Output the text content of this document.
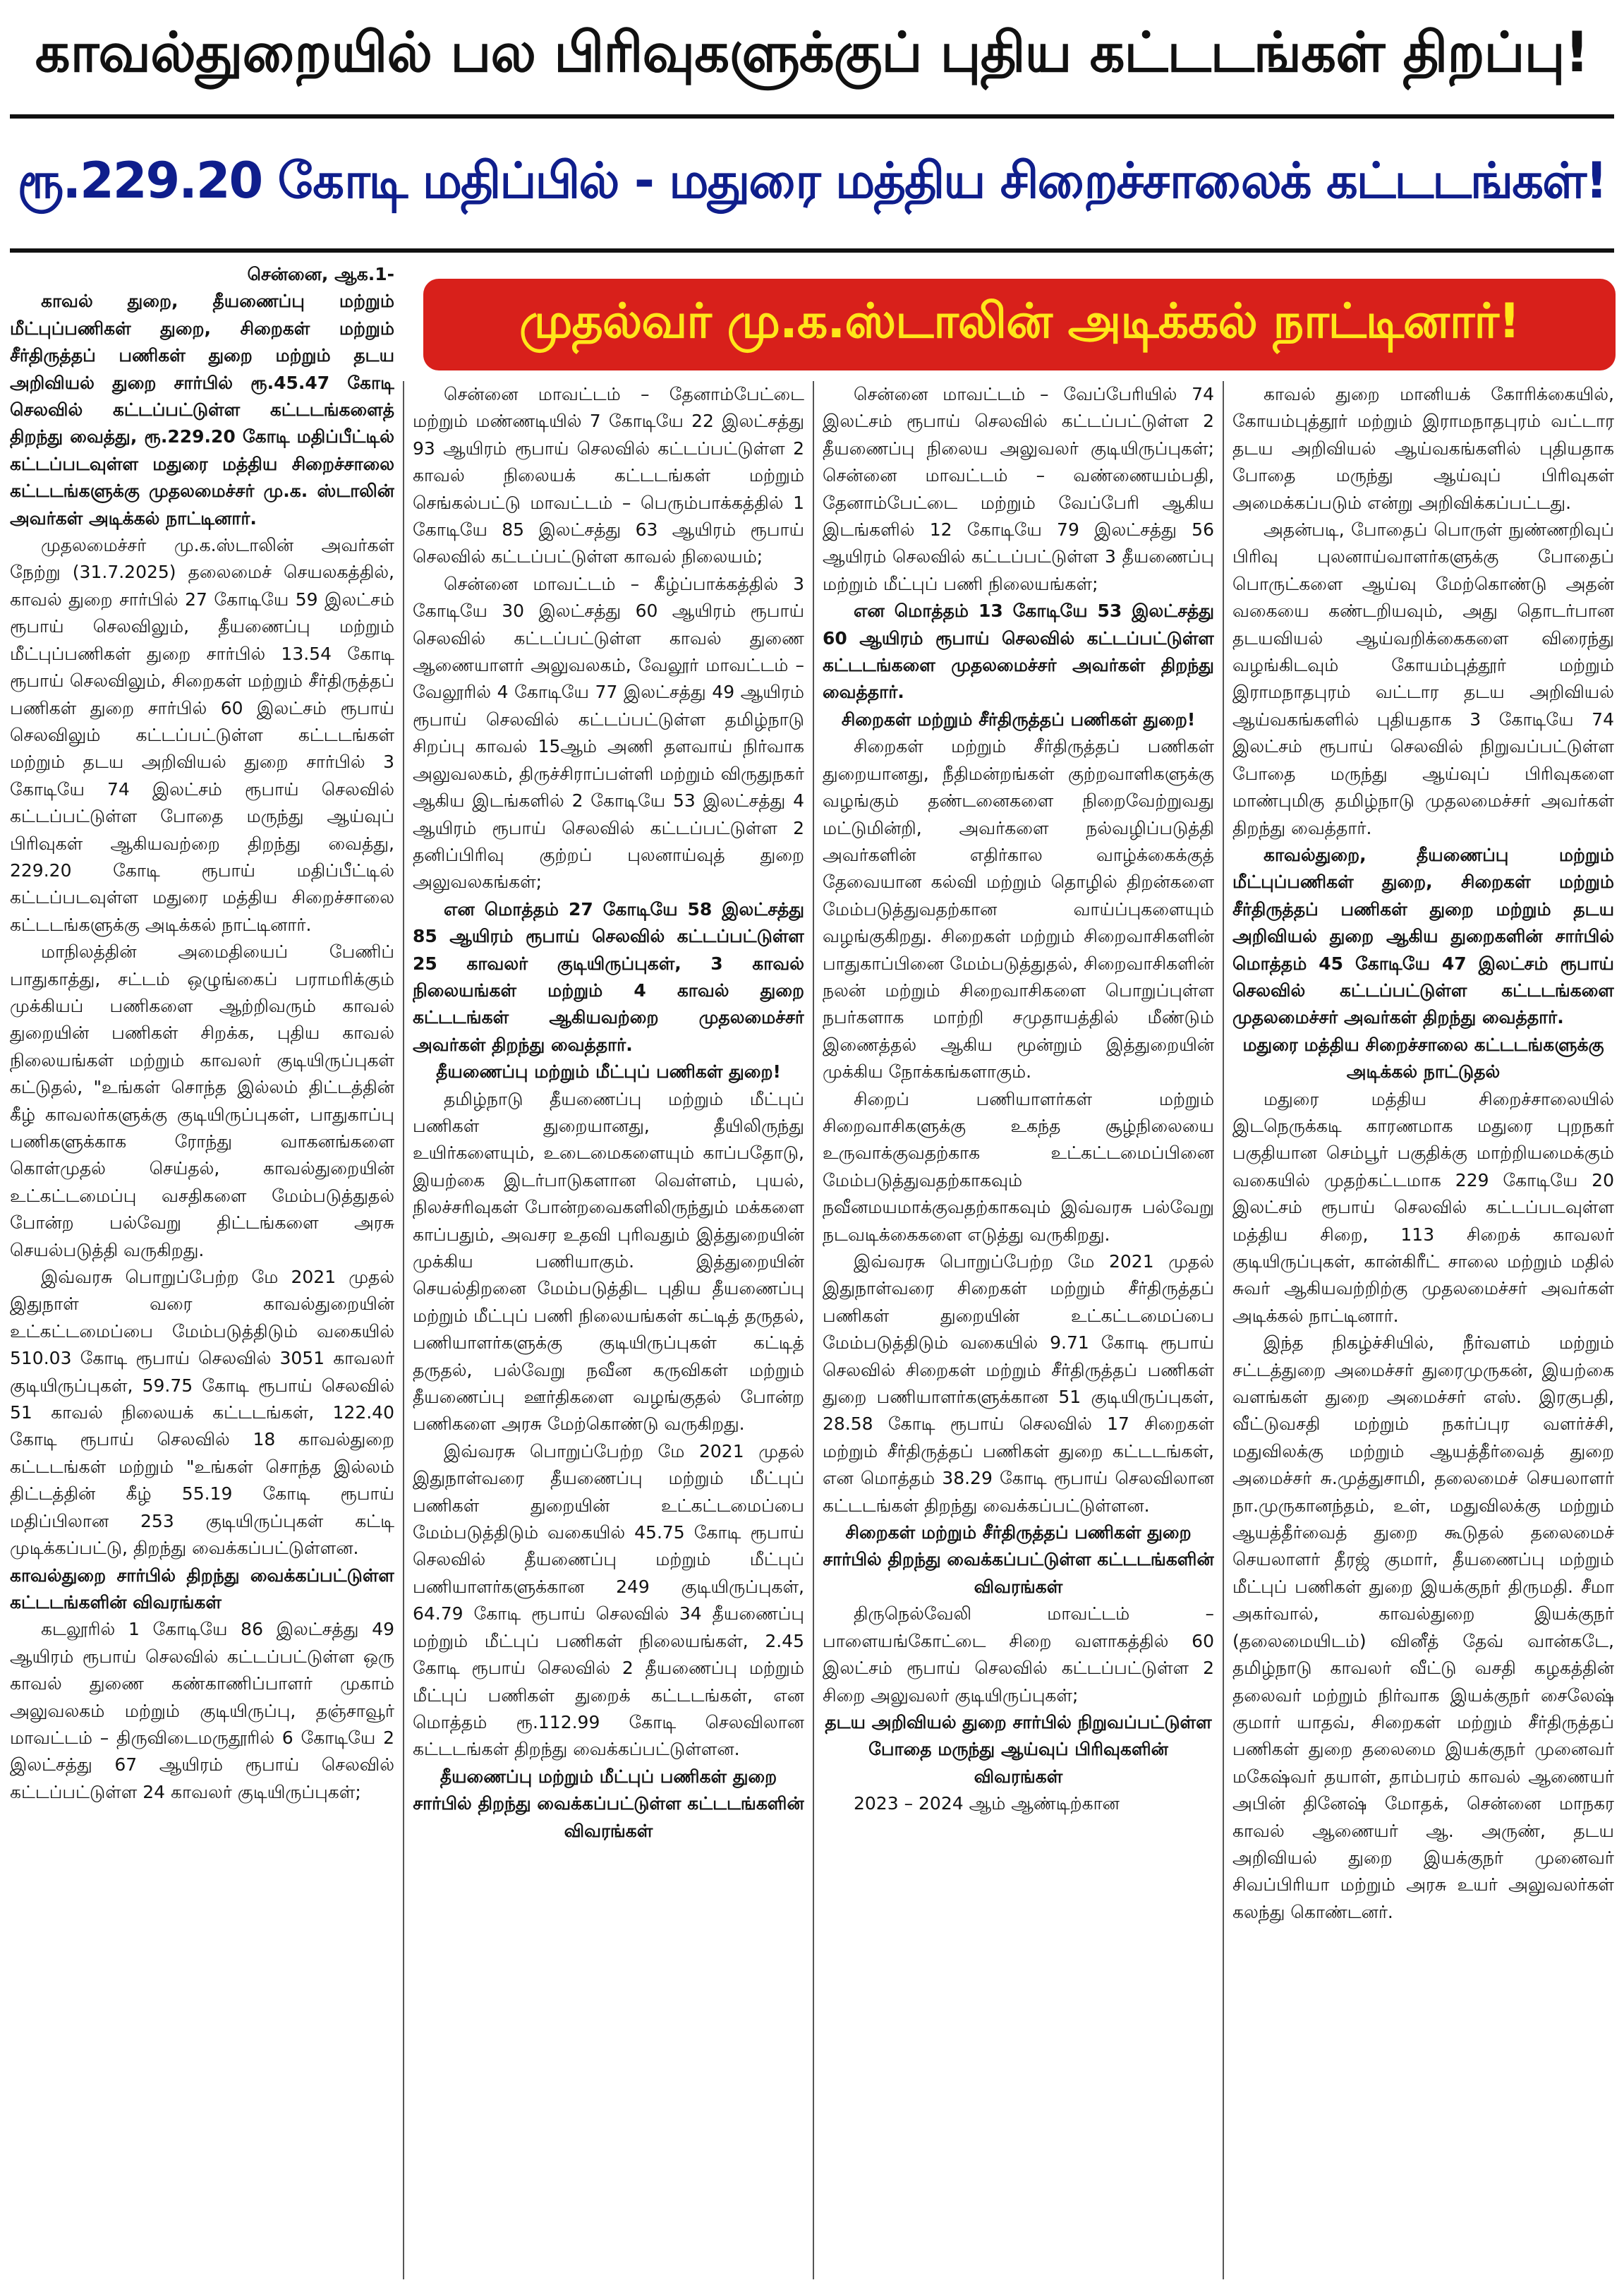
காவல்துறையில் பல பிரிவுகளுக்குப் புதிய கட்டடங்கள் திறப்பு!
ரூ.229.20 கோடி மதிப்பில் - மதுரை மத்திய சிறைச்சாலைக் கட்டடங்கள்!
முதல்வர் மு.க.ஸ்டாலின் அடிக்கல் நாட்டினார்!

சென்னை, ஆக.1-

காவல் துறை, தீயணைப்பு மற்றும் மீட்புப்பணிகள் துறை, சிறைகள் மற்றும் சீர்திருத்தப் பணிகள் துறை மற்றும் தடய அறிவியல் துறை சார்பில் ரூ.45.47 கோடி செலவில் கட்டப்பட்டுள்ள கட்டடங்களைத் திறந்து வைத்து, ரூ.229.20 கோடி மதிப்பீட்டில் கட்டப்படவுள்ள மதுரை மத்திய சிறைச்சாலை கட்டடங்களுக்கு முதலமைச்சர் மு.க. ஸ்டாலின் அவர்கள் அடிக்கல் நாட்டினார்.

முதலமைச்சர் மு.க.ஸ்டாலின் அவர்கள் நேற்று (31.7.2025) தலைமைச் செயலகத்தில், காவல் துறை சார்பில் 27 கோடியே 59 இலட்சம் ரூபாய் செலவிலும், தீயணைப்பு மற்றும் மீட்புப்பணிகள் துறை சார்பில் 13.54 கோடி ரூபாய் செலவிலும், சிறைகள் மற்றும் சீர்திருத்தப் பணிகள் துறை சார்பில் 60 இலட்சம் ரூபாய் செலவிலும் கட்டப்பட்டுள்ள கட்டடங்கள் மற்றும் தடய அறிவியல் துறை சார்பில் 3 கோடியே 74 இலட்சம் ரூபாய் செலவில் கட்டப்பட்டுள்ள போதை மருந்து ஆய்வுப் பிரிவுகள் ஆகியவற்றை திறந்து வைத்து, 229.20 கோடி ரூபாய் மதிப்பீட்டில் கட்டப்படவுள்ள மதுரை மத்திய சிறைச்சாலை கட்டடங்களுக்கு அடிக்கல் நாட்டினார்.

மாநிலத்தின் அமைதியைப் பேணிப் பாதுகாத்து, சட்டம் ஒழுங்கைப் பராமரிக்கும் முக்கியப் பணிகளை ஆற்றிவரும் காவல் துறையின் பணிகள் சிறக்க, புதிய காவல் நிலையங்கள் மற்றும் காவலர் குடியிருப்புகள் கட்டுதல், "உங்கள் சொந்த இல்லம் திட்டத்தின் கீழ் காவலர்களுக்கு குடியிருப்புகள், பாதுகாப்பு பணிகளுக்காக ரோந்து வாகனங்களை கொள்முதல் செய்தல், காவல்துறையின் உட்கட்டமைப்பு வசதிகளை மேம்படுத்துதல் போன்ற பல்வேறு திட்டங்களை அரசு செயல்படுத்தி வருகிறது.

இவ்வரசு பொறுப்பேற்ற மே 2021 முதல் இதுநாள் வரை காவல்துறையின் உட்கட்டமைப்பை மேம்படுத்திடும் வகையில் 510.03 கோடி ரூபாய் செலவில் 3051 காவலர் குடியிருப்புகள், 59.75 கோடி ரூபாய் செலவில் 51 காவல் நிலையக் கட்டடங்கள், 122.40 கோடி ரூபாய் செலவில் 18 காவல்துறை கட்டடங்கள் மற்றும் "உங்கள் சொந்த இல்லம் திட்டத்தின் கீழ் 55.19 கோடி ரூபாய் மதிப்பிலான 253 குடியிருப்புகள் கட்டி முடிக்கப்பட்டு, திறந்து வைக்கப்பட்டுள்ளன.

காவல்துறை சார்பில் திறந்து வைக்கப்பட்டுள்ள கட்டடங்களின் விவரங்கள்

கடலூரில் 1 கோடியே 86 இலட்சத்து 49 ஆயிரம் ரூபாய் செலவில் கட்டப்பட்டுள்ள ஒரு காவல் துணை கண்காணிப்பாளர் முகாம் அலுவலகம் மற்றும் குடியிருப்பு, தஞ்சாவூர் மாவட்டம் – திருவிடைமருதூரில் 6 கோடியே 2 இலட்சத்து 67 ஆயிரம் ரூபாய் செலவில் கட்டப்பட்டுள்ள 24 காவலர் குடியிருப்புகள்;

சென்னை மாவட்டம் – தேனாம்பேட்டை மற்றும் மண்ணடியில் 7 கோடியே 22 இலட்சத்து 93 ஆயிரம் ரூபாய் செலவில் கட்டப்பட்டுள்ள 2 காவல் நிலையக் கட்டடங்கள் மற்றும் செங்கல்பட்டு மாவட்டம் – பெரும்பாக்கத்தில் 1 கோடியே 85 இலட்சத்து 63 ஆயிரம் ரூபாய் செலவில் கட்டப்பட்டுள்ள காவல் நிலையம்;

சென்னை மாவட்டம் – கீழ்ப்பாக்கத்தில் 3 கோடியே 30 இலட்சத்து 60 ஆயிரம் ரூபாய் செலவில் கட்டப்பட்டுள்ள காவல் துணை ஆணையாளர் அலுவலகம், வேலூர் மாவட்டம் – வேலூரில் 4 கோடியே 77 இலட்சத்து 49 ஆயிரம் ரூபாய் செலவில் கட்டப்பட்டுள்ள தமிழ்நாடு சிறப்பு காவல் 15ஆம் அணி தளவாய் நிர்வாக அலுவலகம், திருச்சிராப்பள்ளி மற்றும் விருதுநகர் ஆகிய இடங்களில் 2 கோடியே 53 இலட்சத்து 4 ஆயிரம் ரூபாய் செலவில் கட்டப்பட்டுள்ள 2 தனிப்பிரிவு குற்றப் புலனாய்வுத் துறை அலுவலகங்கள்;

என மொத்தம் 27 கோடியே 58 இலட்சத்து 85 ஆயிரம் ரூபாய் செலவில் கட்டப்பட்டுள்ள 25 காவலர் குடியிருப்புகள், 3 காவல் நிலையங்கள் மற்றும் 4 காவல் துறை கட்டடங்கள் ஆகியவற்றை முதலமைச்சர் அவர்கள் திறந்து வைத்தார்.

தீயணைப்பு மற்றும் மீட்புப் பணிகள் துறை!

தமிழ்நாடு தீயணைப்பு மற்றும் மீட்புப் பணிகள் துறையானது, தீயிலிருந்து உயிர்களையும், உடைமைகளையும் காப்பதோடு, இயற்கை இடர்பாடுகளான வெள்ளம், புயல், நிலச்சரிவுகள் போன்றவைகளிலிருந்தும் மக்களை காப்பதும், அவசர உதவி புரிவதும் இத்துறையின் முக்கிய பணியாகும். இத்துறையின் செயல்திறனை மேம்படுத்திட புதிய தீயணைப்பு மற்றும் மீட்புப் பணி நிலையங்கள் கட்டித் தருதல், பணியாளர்களுக்கு குடியிருப்புகள் கட்டித் தருதல், பல்வேறு நவீன கருவிகள் மற்றும் தீயணைப்பு ஊர்திகளை வழங்குதல் போன்ற பணிகளை அரசு மேற்கொண்டு வருகிறது.

இவ்வரசு பொறுப்பேற்ற மே 2021 முதல் இதுநாள்வரை தீயணைப்பு மற்றும் மீட்புப் பணிகள் துறையின் உட்கட்டமைப்பை மேம்படுத்திடும் வகையில் 45.75 கோடி ரூபாய் செலவில் தீயணைப்பு மற்றும் மீட்புப் பணியாளர்களுக்கான 249 குடியிருப்புகள், 64.79 கோடி ரூபாய் செலவில் 34 தீயணைப்பு மற்றும் மீட்புப் பணிகள் நிலையங்கள், 2.45 கோடி ரூபாய் செலவில் 2 தீயணைப்பு மற்றும் மீட்புப் பணிகள் துறைக் கட்டடங்கள், என மொத்தம் ரூ.112.99 கோடி செலவிலான கட்டடங்கள் திறந்து வைக்கப்பட்டுள்ளன.

தீயணைப்பு மற்றும் மீட்புப் பணிகள் துறை சார்பில் திறந்து வைக்கப்பட்டுள்ள கட்டடங்களின் விவரங்கள்

சென்னை மாவட்டம் – வேப்பேரியில் 74 இலட்சம் ரூபாய் செலவில் கட்டப்பட்டுள்ள 2 தீயணைப்பு நிலைய அலுவலர் குடியிருப்புகள்; சென்னை மாவட்டம் – வண்ணையம்பதி, தேனாம்பேட்டை மற்றும் வேப்பேரி ஆகிய இடங்களில் 12 கோடியே 79 இலட்சத்து 56 ஆயிரம் செலவில் கட்டப்பட்டுள்ள 3 தீயணைப்பு மற்றும் மீட்புப் பணி நிலையங்கள்;

என மொத்தம் 13 கோடியே 53 இலட்சத்து 60 ஆயிரம் ரூபாய் செலவில் கட்டப்பட்டுள்ள கட்டடங்களை முதலமைச்சர் அவர்கள் திறந்து வைத்தார்.

சிறைகள் மற்றும் சீர்திருத்தப் பணிகள் துறை!

சிறைகள் மற்றும் சீர்திருத்தப் பணிகள் துறையானது, நீதிமன்றங்கள் குற்றவாளிகளுக்கு வழங்கும் தண்டனைகளை நிறைவேற்றுவது மட்டுமின்றி, அவர்களை நல்வழிப்படுத்தி அவர்களின் எதிர்கால வாழ்க்கைக்குத் தேவையான கல்வி மற்றும் தொழில் திறன்களை மேம்படுத்துவதற்கான வாய்ப்புகளையும் வழங்குகிறது. சிறைகள் மற்றும் சிறைவாசிகளின் பாதுகாப்பினை மேம்படுத்துதல், சிறைவாசிகளின் நலன் மற்றும் சிறைவாசிகளை பொறுப்புள்ள நபர்களாக மாற்றி சமுதாயத்தில் மீண்டும் இணைத்தல் ஆகிய மூன்றும் இத்துறையின் முக்கிய நோக்கங்களாகும்.

சிறைப் பணியாளர்கள் மற்றும் சிறைவாசிகளுக்கு உகந்த சூழ்நிலையை உருவாக்குவதற்காக உட்கட்டமைப்பினை மேம்படுத்துவதற்காகவும் நவீனமயமாக்குவதற்காகவும் இவ்வரசு பல்வேறு நடவடிக்கைகளை எடுத்து வருகிறது.

இவ்வரசு பொறுப்பேற்ற மே 2021 முதல் இதுநாள்வரை சிறைகள் மற்றும் சீர்திருத்தப் பணிகள் துறையின் உட்கட்டமைப்பை மேம்படுத்திடும் வகையில் 9.71 கோடி ரூபாய் செலவில் சிறைகள் மற்றும் சீர்திருத்தப் பணிகள் துறை பணியாளர்களுக்கான 51 குடியிருப்புகள், 28.58 கோடி ரூபாய் செலவில் 17 சிறைகள் மற்றும் சீர்திருத்தப் பணிகள் துறை கட்டடங்கள், என மொத்தம் 38.29 கோடி ரூபாய் செலவிலான கட்டடங்கள் திறந்து வைக்கப்பட்டுள்ளன.

சிறைகள் மற்றும் சீர்திருத்தப் பணிகள் துறை சார்பில் திறந்து வைக்கப்பட்டுள்ள கட்டடங்களின் விவரங்கள்

திருநெல்வேலி மாவட்டம் – பாளையங்கோட்டை சிறை வளாகத்தில் 60 இலட்சம் ரூபாய் செலவில் கட்டப்பட்டுள்ள 2 சிறை அலுவலர் குடியிருப்புகள்;

தடய அறிவியல் துறை சார்பில் நிறுவப்பட்டுள்ள போதை மருந்து ஆய்வுப் பிரிவுகளின் விவரங்கள்

2023 – 2024 ஆம் ஆண்டிற்கான

காவல் துறை மானியக் கோரிக்கையில், கோயம்புத்தூர் மற்றும் இராமநாதபுரம் வட்டார தடய அறிவியல் ஆய்வகங்களில் புதியதாக போதை மருந்து ஆய்வுப் பிரிவுகள் அமைக்கப்படும் என்று அறிவிக்கப்பட்டது.

அதன்படி, போதைப் பொருள் நுண்ணறிவுப் பிரிவு புலனாய்வாளர்களுக்கு போதைப் பொருட்களை ஆய்வு மேற்கொண்டு அதன் வகையை கண்டறியவும், அது தொடர்பான தடயவியல் ஆய்வறிக்கைகளை விரைந்து வழங்கிடவும் கோயம்புத்தூர் மற்றும் இராமநாதபுரம் வட்டார தடய அறிவியல் ஆய்வகங்களில் புதியதாக 3 கோடியே 74 இலட்சம் ரூபாய் செலவில் நிறுவப்பட்டுள்ள போதை மருந்து ஆய்வுப் பிரிவுகளை மாண்புமிகு தமிழ்நாடு முதலமைச்சர் அவர்கள் திறந்து வைத்தார்.

காவல்துறை, தீயணைப்பு மற்றும் மீட்புப்பணிகள் துறை, சிறைகள் மற்றும் சீர்திருத்தப் பணிகள் துறை மற்றும் தடய அறிவியல் துறை ஆகிய துறைகளின் சார்பில் மொத்தம் 45 கோடியே 47 இலட்சம் ரூபாய் செலவில் கட்டப்பட்டுள்ள கட்டடங்களை முதலமைச்சர் அவர்கள் திறந்து வைத்தார்.

மதுரை மத்திய சிறைச்சாலை கட்டடங்களுக்கு அடிக்கல் நாட்டுதல்

மதுரை மத்திய சிறைச்சாலையில் இடநெருக்கடி காரணமாக மதுரை புறநகர் பகுதியான செம்பூர் பகுதிக்கு மாற்றியமைக்கும் வகையில் முதற்கட்டமாக 229 கோடியே 20 இலட்சம் ரூபாய் செலவில் கட்டப்படவுள்ள மத்திய சிறை, 113 சிறைக் காவலர் குடியிருப்புகள், கான்கிரீட் சாலை மற்றும் மதில் சுவர் ஆகியவற்றிற்கு முதலமைச்சர் அவர்கள் அடிக்கல் நாட்டினார்.

இந்த நிகழ்ச்சியில், நீர்வளம் மற்றும் சட்டத்துறை அமைச்சர் துரைமுருகன், இயற்கை வளங்கள் துறை அமைச்சர் எஸ். இரகுபதி, வீட்டுவசதி மற்றும் நகர்ப்புர வளர்ச்சி, மதுவிலக்கு மற்றும் ஆயத்தீர்வைத் துறை அமைச்சர் சு.முத்துசாமி, தலைமைச் செயலாளர் நா.முருகானந்தம், உள், மதுவிலக்கு மற்றும் ஆயத்தீர்வைத் துறை கூடுதல் தலைமைச் செயலாளர் தீரஜ் குமார், தீயணைப்பு மற்றும் மீட்புப் பணிகள் துறை இயக்குநர் திருமதி. சீமா அகர்வால், காவல்துறை இயக்குநர் (தலைமையிடம்) வினீத் தேவ் வான்கடே, தமிழ்நாடு காவலர் வீட்டு வசதி கழகத்தின் தலைவர் மற்றும் நிர்வாக இயக்குநர் சைலேஷ் குமார் யாதவ், சிறைகள் மற்றும் சீர்திருத்தப் பணிகள் துறை தலைமை இயக்குநர் முனைவர் மகேஷ்வர் தயாள், தாம்பரம் காவல் ஆணையர் அபின் தினேஷ் மோதக், சென்னை மாநகர காவல் ஆணையர் ஆ. அருண், தடய அறிவியல் துறை இயக்குநர் முனைவர் சிவப்பிரியா மற்றும் அரசு உயர் அலுவலர்கள் கலந்து கொண்டனர்.
